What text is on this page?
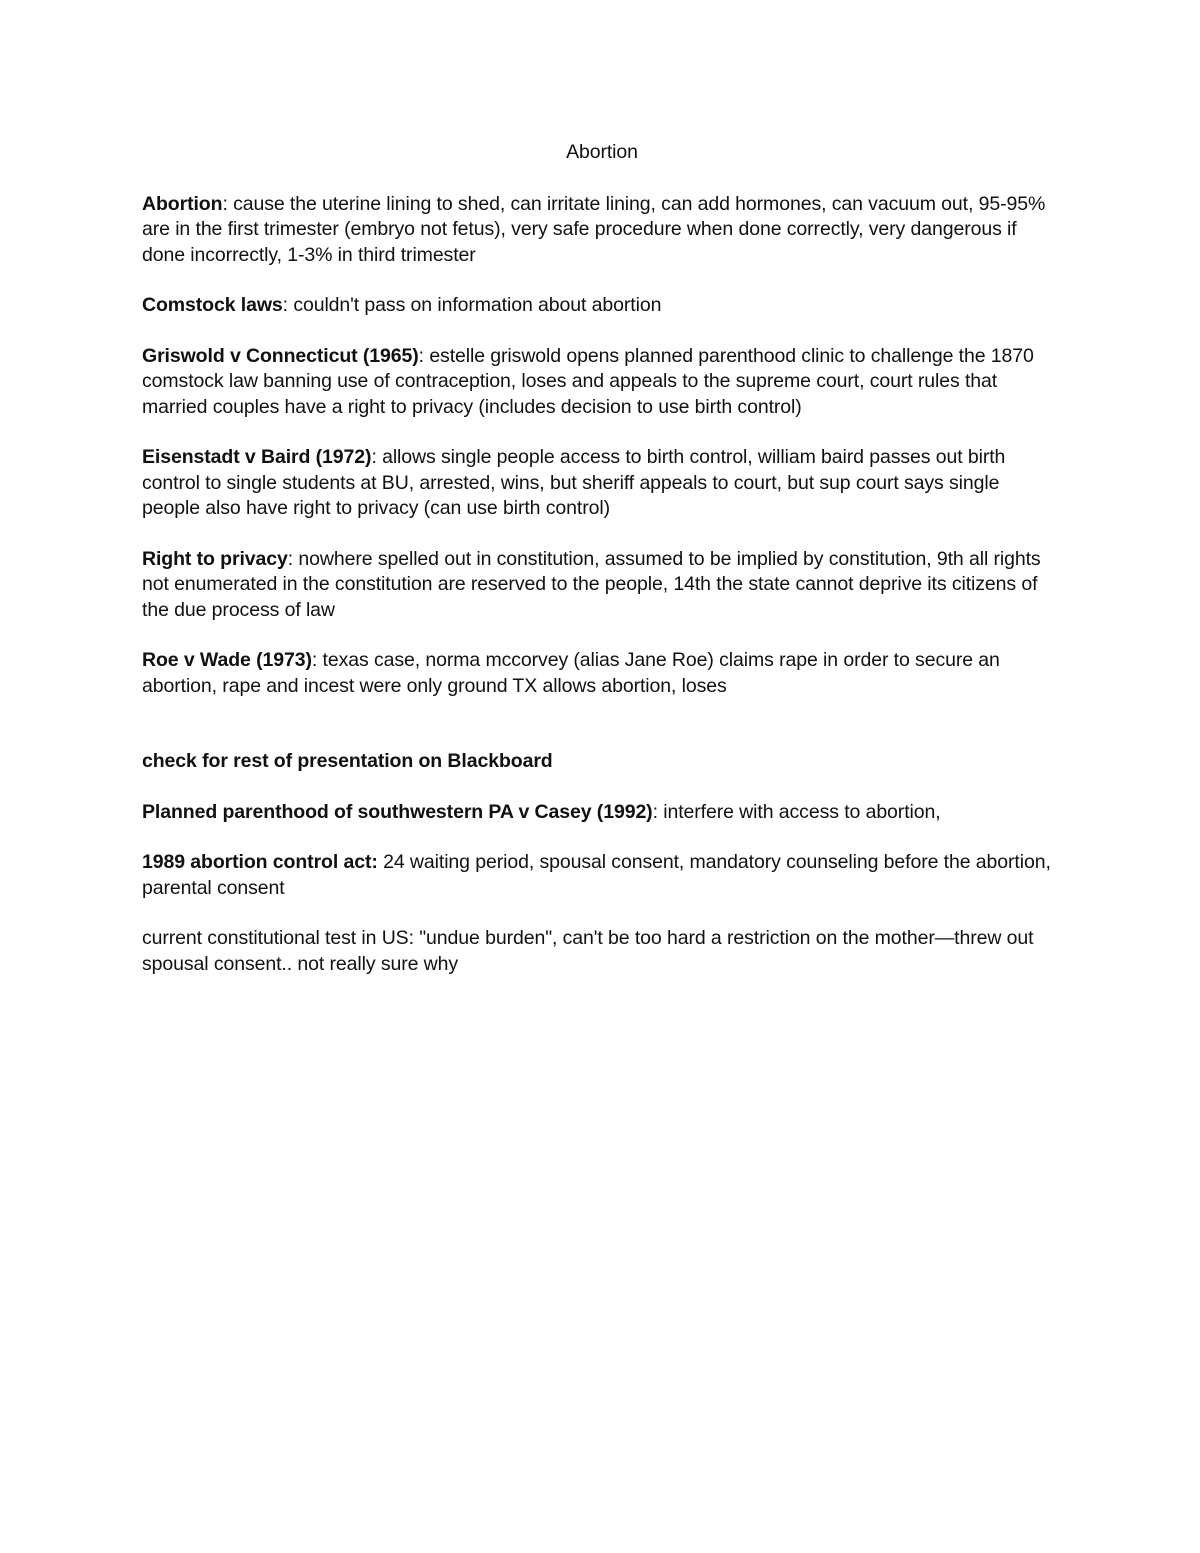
Abortion

Abortion: cause the uterine lining to shed, can irritate lining, can add hormones, can vacuum out, 95-95% are in the first trimester (embryo not fetus), very safe procedure when done correctly, very dangerous if done incorrectly, 1-3% in third trimester

Comstock laws: couldn't pass on information about abortion

Griswold v Connecticut (1965): estelle griswold opens planned parenthood clinic to challenge the 1870 comstock law banning use of contraception, loses and appeals to the supreme court, court rules that married couples have a right to privacy (includes decision to use birth control)

Eisenstadt v Baird (1972): allows single people access to birth control, william baird passes out birth control to single students at BU, arrested, wins, but sheriff appeals to court, but sup court says single people also have right to privacy (can use birth control)

Right to privacy: nowhere spelled out in constitution, assumed to be implied by constitution, 9th all rights not enumerated in the constitution are reserved to the people, 14th the state cannot deprive its citizens of the due process of law

Roe v Wade (1973): texas case, norma mccorvey (alias Jane Roe) claims rape in order to secure an abortion, rape and incest were only ground TX allows abortion, loses

check for rest of presentation on Blackboard

Planned parenthood of southwestern PA v Casey (1992): interfere with access to abortion,

1989 abortion control act: 24 waiting period, spousal consent, mandatory counseling before the abortion, parental consent

current constitutional test in US: "undue burden", can't be too hard a restriction on the mother—threw out spousal consent.. not really sure why
